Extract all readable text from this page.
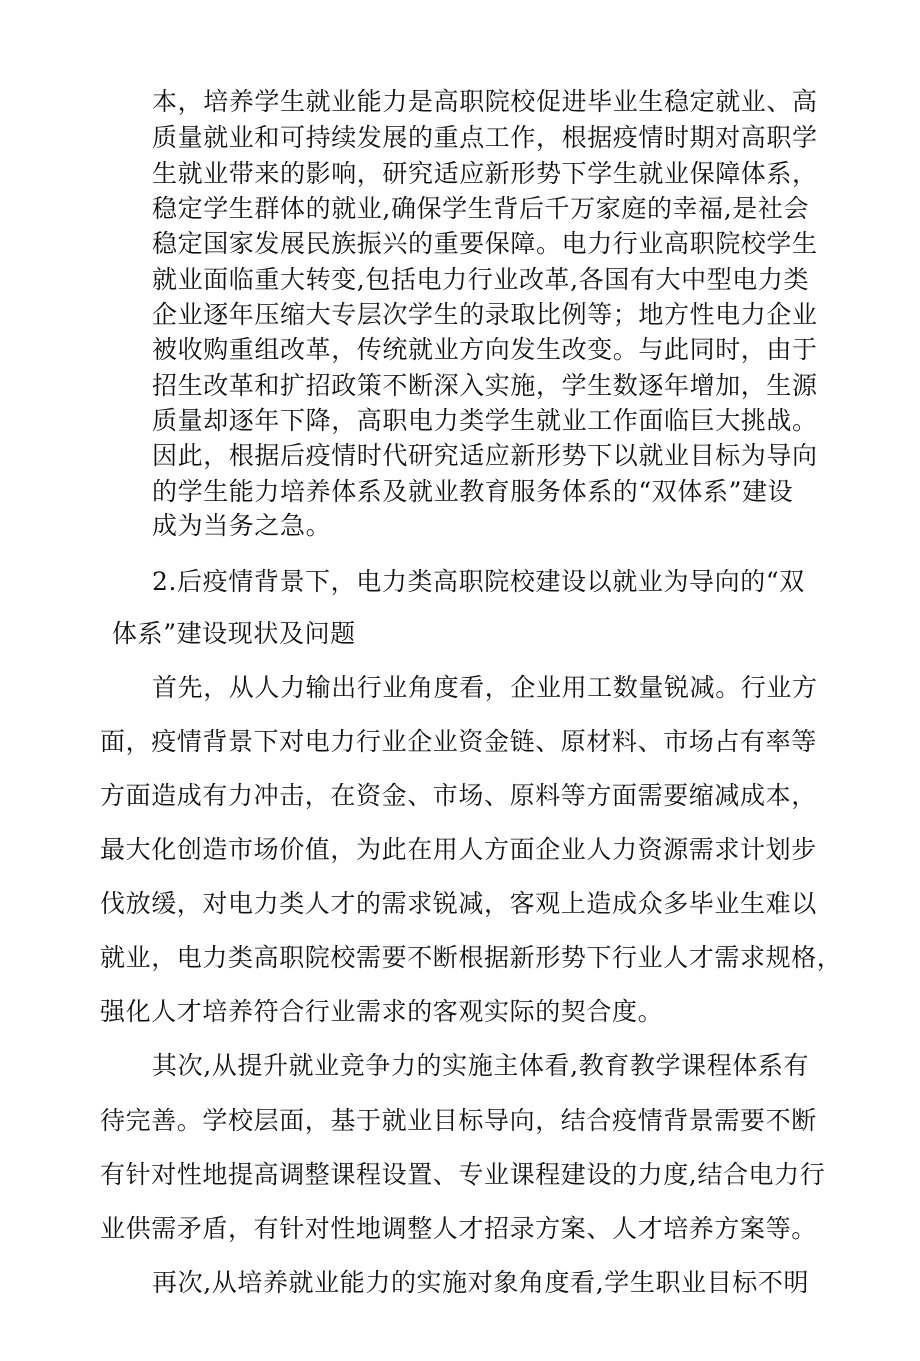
本，培养学生就业能力是高职院校促进毕业生稳定就业、高

质量就业和可持续发展的重点工作，根据疫情时期对高职学

生就业带来的影响，研究适应新形势下学生就业保障体系，

稳定学生群体的就业,确保学生背后千万家庭的幸福,是社会

稳定国家发展民族振兴的重要保障。电力行业高职院校学生

就业面临重大转变,包括电力行业改革,各国有大中型电力类

企业逐年压缩大专层次学生的录取比例等；地方性电力企业

被收购重组改革，传统就业方向发生改变。与此同时，由于

招生改革和扩招政策不断深入实施，学生数逐年增加，生源

质量却逐年下降，高职电力类学生就业工作面临巨大挑战。

因此，根据后疫情时代研究适应新形势下以就业目标为导向

的学生能力培养体系及就业教育服务体系的“双体系”建设

成为当务之急。

2.后疫情背景下，电力类高职院校建设以就业为导向的“双

体系”建设现状及问题

首先，从人力输出行业角度看，企业用工数量锐减。行业方

面，疫情背景下对电力行业企业资金链、原材料、市场占有率等

方面造成有力冲击，在资金、市场、原料等方面需要缩减成本，

最大化创造市场价值，为此在用人方面企业人力资源需求计划步

伐放缓，对电力类人才的需求锐减，客观上造成众多毕业生难以

就业，电力类高职院校需要不断根据新形势下行业人才需求规格，

强化人才培养符合行业需求的客观实际的契合度。

其次,从提升就业竞争力的实施主体看,教育教学课程体系有

待完善。学校层面，基于就业目标导向，结合疫情背景需要不断

有针对性地提高调整课程设置、专业课程建设的力度,结合电力行

业供需矛盾，有针对性地调整人才招录方案、人才培养方案等。

再次,从培养就业能力的实施对象角度看,学生职业目标不明
